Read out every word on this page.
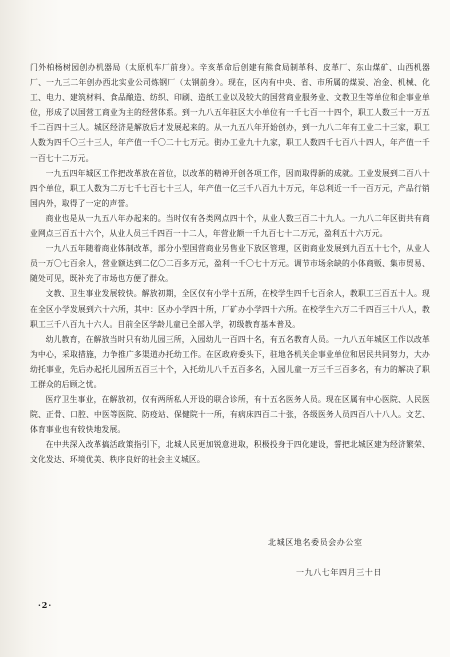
门外柏杨树园创办机器局（太原机车厂前身）。辛亥革命后创建有熊食局制革科、皮革厂、东山煤矿、山西机器厂、一九三二年创办西北实业公司炼钢厂（太钢前身）。现在，区内有中央、省、市所属的煤炭、冶金、机械、化工、电力、建筑材料、食品酿造、纺织、印刷、造纸工业以及较大的国营商业服务业、文教卫生等单位和企事业单位，形成了以国营工商业为主的经营体系。到一九八五年驻区大小单位有一千七百一十四个，职工人数三十一万五千二百四十三人。城区经济是解放后才发展起来的。从一九五八年开始创办，到一九八二年有工业二十三家，职工人数为四千〇三十三人，年产值一千〇二十七万元。街办工业九十九家，职工人数四千七百八十四人，年产值一千一百七十二万元。

一九五四年城区工作把改革放在首位，以改革的精神开创各项工作，因而取得新的成就。工业发展到二百八十四个单位，职工人数为二万七千七百七十三人，年产值一亿三千八百九十万元，年总利近一千一百万元，产品行销国内外，取得了一定的声誉。

商业也是从一九五八年办起来的。当时仅有各类网点四十个，从业人数三百二十九人。一九八二年区街共有商业网点三百五十六个，从业人员三千四百一十二人，年营业额一千九百七十二万元，盈利五十六万元。

一九八五年随着商业体制改革，部分小型国营商业另售业下放区管理，区街商业发展到九百五十七个，从业人员一万〇七百余人，营业额达到二亿〇二百多万元，盈利一千〇七十万元。调节市场余缺的小体商贩、集市贸易、随处可见，既补充了市场也方便了群众。

文教、卫生事业发展较快。解放初期，全区仅有小学十五所，在校学生四千七百余人，教职工三百五十人。现在全区小学发展到六十六所，其中：区办小学四十所，厂矿办小学四十六所。在校学生六万二千四百三十八人，教职工三千八百九十六人。目前全区学龄儿童已全部入学，初级教育基本普及。

幼儿教育，在解放当时只有幼儿园三所，入园幼儿一百四十名，有五名教育人员。一九八五年城区工作以改革为中心，采取措施，力争推广多渠道办托幼工作。在区政府委头下，驻地各机关企事业单位和居民共同努力，大办幼托事业，先后办起托儿园所五百三十个，入托幼儿八千五百多名，入园儿童一万三千三百多名，有力的解决了职工群众的后顾之忧。

医疗卫生事业，在解放初，仅有两所私人开设的联合诊所，有十五名医务人员。现在区属有中心医院、人民医院、正骨、口腔、中医等医院、防疫站、保健院十一所，有病床四百二十张，各级医务人员四百八十八人。文艺、体育事业也有较快地发展。

在中共深入改革搞活政策指引下，北城人民更加锐意进取，积极投身于四化建设，誓把北城区建为经济繁荣、文化发达、环境优美、秩序良好的社会主义城区。

北城区地名委员会办公室
一九八七年四月三十日
·2·
